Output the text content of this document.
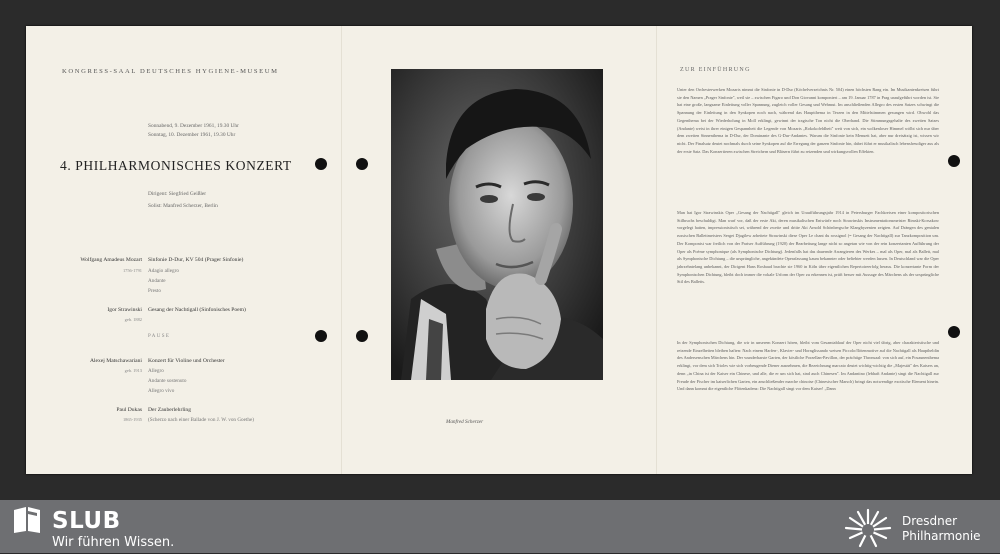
KONGRESS-SAAL DEUTSCHES HYGIENE-MUSEUM
Sonnabend, 9. Dezember 1961, 19.30 Uhr
Sonntag, 10. Dezember 1961, 19.30 Uhr
4. PHILHARMONISCHES KONZERT
Dirigent: Siegfried Geißler
Solist: Manfred Scherzer, Berlin
Wolfgang Amadeus Mozart
1756-1791
Sinfonie D-Dur, KV 504 (Prager Sinfonie)
Adagio allegro
Andante
Presto
Igor Strawinski
geb. 1882
Gesang der Nachtigall (Sinfonisches Poem)
PAUSE
Alexej Matschawariani
geb. 1913
Konzert für Violine und Orchester
Allegro
Andante sostenuto
Allegro vivo
Paul Dukas
1865-1935
Der Zauberlehrling
(Scherzo nach einer Ballade von J. W. von Goethe)	Manfred Scherzer
ZUR EINFÜHRUNG
Unter den Orchesterwerken Mozarts nimmt die Sinfonie in D-Dur (Köchelverzeichnis Nr. 504) einen höchsten Rang ein. Im Musikantenkreisen führt sie den Namen „Prager Sinfonie", weil sie – zwischen Figaro und Don Giovanni komponiert – am 19. Januar 1787 in Prag uraufgeführt worden ist. Sie hat eine große, langsame Einleitung voller Spannung, zugleich voller Gesang und Wehmut. Im anschließenden Allegro des ersten Satzes schwingt die Spannung der Einleitung in den Synkopen noch nach, während das Hauptthema in Terzen in den Mittelstimmen gesungen wird. Obwohl das Gegenthema bei der Wiederholung in Moll erklingt, gewinnt der tragische Ton nicht die Oberhand. Die Stimmungsgehalte des zweiten Satzes (Andante) weist in ihrer einigen Gespannheit die Legende von Mozarts „Rokokofeldheit" weit von sich, ein wolkenloser Himmel wölbt sich nur über dem zweiten Sinnenthema in D-Dur, der Dominante des G-Dur-Andantes. Warum die Sinfonie kein Menuett hat, aber nur dreisätzig ist, wissen wir nicht. Der Finalsatz deutet nochmals durch seine Synkopen auf die Erregung der ganzen Sinfonie hin, dabei führt er musikalisch lebensfreudiger aus als der erste Satz. Das Konzertieren zwischen Streichern und Bläsern führt zu reizenden und wirkungsvollen Effekten.
Man hat Igor Strawinskis Oper „Gesang der Nachtigall" gleich im Uraufführungsjahr 1914 in Petersburger Fachkreisen einer kompositorischen Stilbruchs beschuldigt. Man warf vor, daß der erste Akt, deren musikalischen Entwürfe noch Strawinskis Instrumentationsmeister Rimski-Korsakow vorgelegt hatten, impressionistisch sei, während der zweite und dritte Akt Arnold Schönbergsche Klangbyzenien zeigten. Auf Drängen des genialen russischen Ballettmeisters Sergei Djagilew arbeitete Strawinski diese Oper Le chant du rossignol (= Gesang der Nachtigall) zur Tanzkomposition um. Der Komponist war freilich von der Pariser Aufführung (1920) der Bearbeitung lange nicht so angetan wie von der rein konzertanten Aufführung der Oper als Poème symphonique (als Symphonische Dichtung). Jedenfalls hat das dauernde Arrangieren des Werkes – mal als Oper, mal als Ballett, mal als Symphonische Dichtung – die ursprüngliche, angekündete Operafassung kaum bekannter oder beliebter werden lassen. In Deutschland war die Oper jahrzehntelang unbekannt, der Dirigent Hans Rosbaud brachte sie 1960 in Köln über eigentlichen Repertoireerfolg heraus. Die konzertante Form der Symphonischen Dichtung, bleibt doch immer die vokale Urform der Oper zu erkennen ist, prüft besser mit Aussage des Märchens als der ursprüngliche Stil des Balletts.
In der Symphonischen Dichtung, die wir in unserem Konzert hören, bleibt vom Gesamtablauf der Oper nicht viel übrig, aber charakteristische und reizende Einzelheiten bleiben haften: Nach einem Harfen-, Klavier- und Hornglissando weisen Piccolo/flötenmotive auf die Nachtigall als Hauptheldin des Andersenschen Märchens hin. Der wunderbarste Garten, der köstliche Porzellan-Pavillon, der prächtige Thronsaal: von sich auf, ein Posaunenthema erklingt, vor dem sich Trioles wie sich vorbeugende Diener ausnehmen, die Bezeichnung marcato deutet wichtig-wichtig die „Majestät" des Kaisers an, denn „in China ist der Kaiser ein Chinese, und alle, die er um sich hat, sind auch Chinesen". Im Andantino (lebhaft Andante) singt die Nachtigall zur Freude der Fischer im kaiserlichen Garten, ein anschließender marche chinoise (Chinesischer Marsch) bringt das notwendige exotische Element hinein. Und dann kommt die eigentliche Flötenkadenz: Die Nachtigall singt vor dem Kaiser! „Dann
SLUB
Wir führen Wissen.
Dresdner
Philharmonie
